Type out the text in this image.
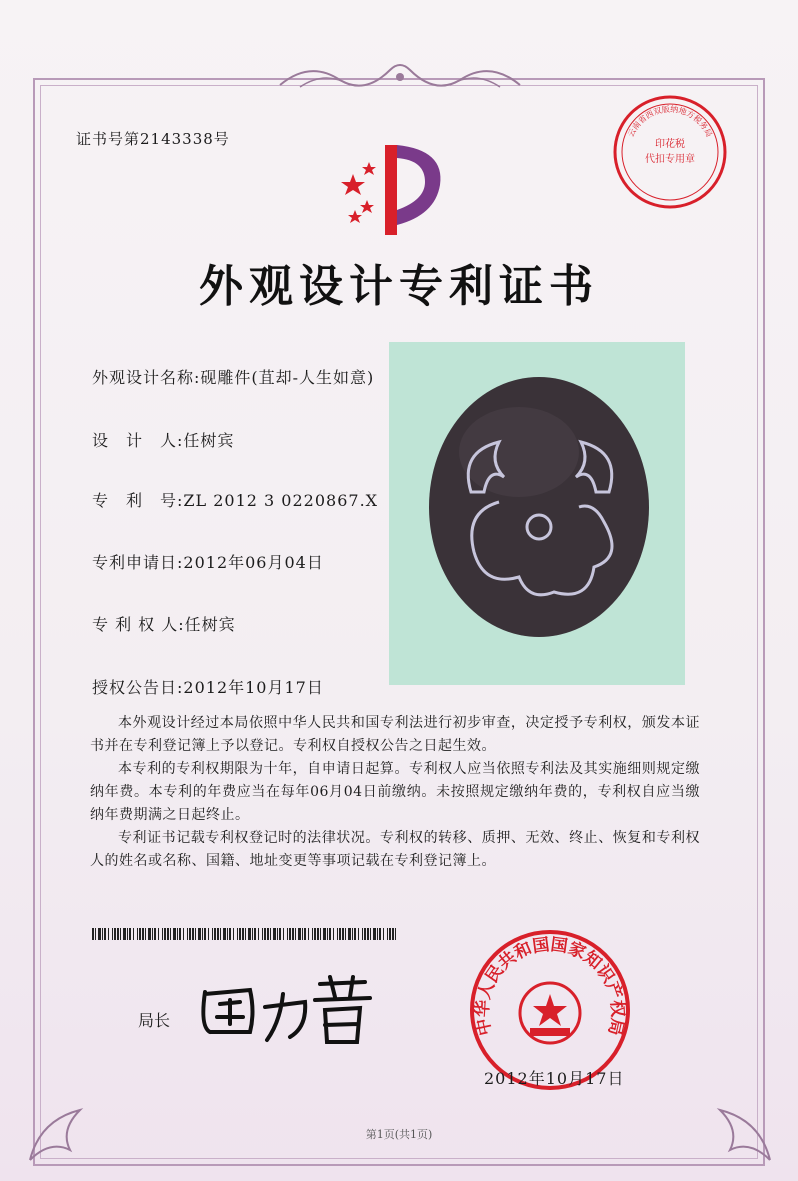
证书号第2143338号
外观设计专利证书
印花税
代扣专用章
云南省西双版纳地方税务局
外观设计名称:砚雕件(苴却-人生如意)
设　计　人:任树宾
专　利　号:ZL 2012 3 0220867.X
专利申请日:2012年06月04日
专 利 权 人:任树宾
授权公告日:2012年10月17日

本外观设计经过本局依照中华人民共和国专利法进行初步审查，决定授予专利权，颁发本证书并在专利登记簿上予以登记。专利权自授权公告之日起生效。

本专利的专利权期限为十年，自申请日起算。专利权人应当依照专利法及其实施细则规定缴纳年费。本专利的年费应当在每年06月04日前缴纳。未按照规定缴纳年费的，专利权自应当缴纳年费期满之日起终止。

专利证书记载专利权登记时的法律状况。专利权的转移、质押、无效、终止、恢复和专利权人的姓名或名称、国籍、地址变更等事项记载在专利登记簿上。

局长	中华人民共和国国家知识产权局
2012年10月17日
第1页(共1页)
